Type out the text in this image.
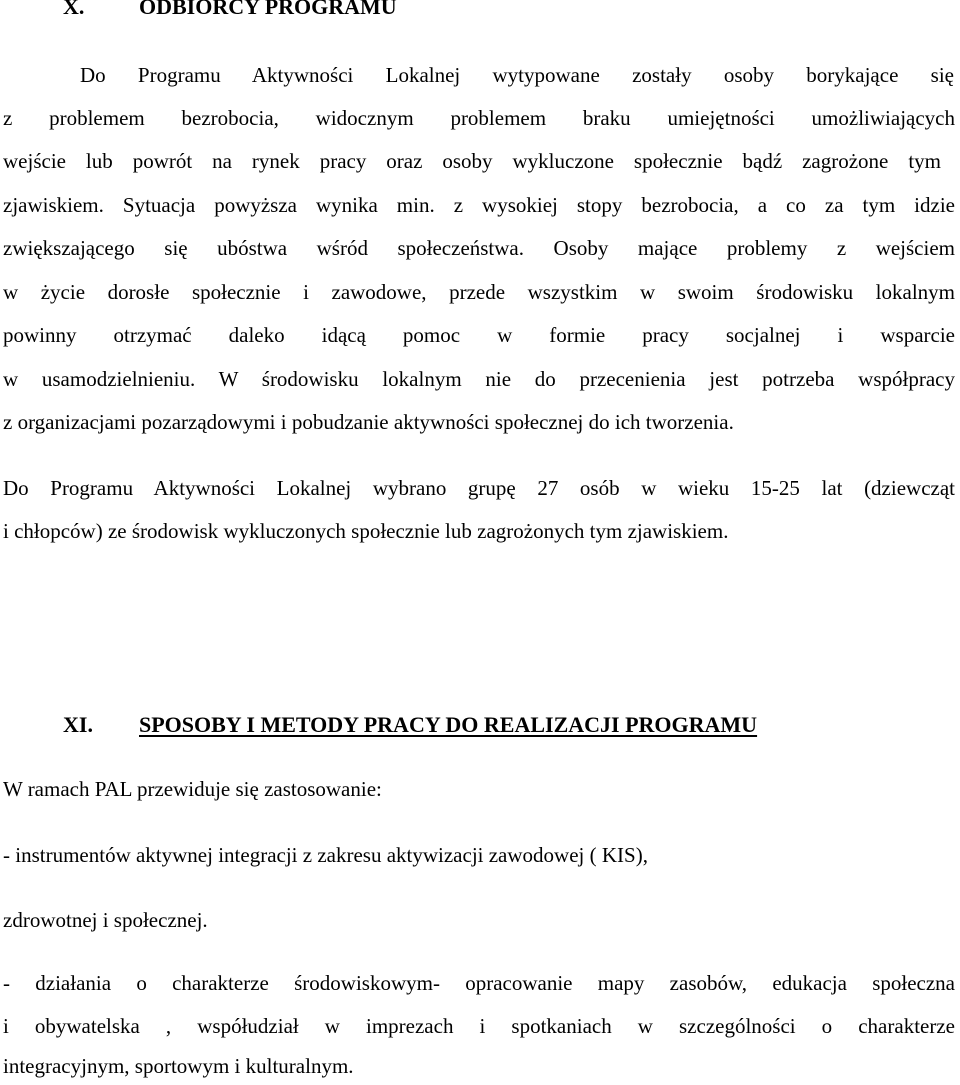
X. ODBIORCY PROGRAMU

Do Programu Aktywności Lokalnej wytypowane zostały osoby borykające się

z problemem bezrobocia, widocznym problemem braku umiejętności umożliwiających

wejście lub powrót na rynek pracy oraz osoby wykluczone społecznie bądź zagrożone tym

zjawiskiem. Sytuacja powyższa wynika min. z wysokiej stopy bezrobocia, a co za tym idzie

zwiększającego się ubóstwa wśród społeczeństwa. Osoby mające problemy z wejściem

w życie dorosłe społecznie i zawodowe, przede wszystkim w swoim środowisku lokalnym

powinny otrzymać daleko idącą pomoc w formie pracy socjalnej i wsparcie

w usamodzielnieniu. W środowisku lokalnym nie do przecenienia jest potrzeba współpracy

z organizacjami pozarządowymi i pobudzanie aktywności społecznej do ich tworzenia.

Do Programu Aktywności Lokalnej wybrano grupę 27 osób w wieku 15-25 lat (dziewcząt

i chłopców) ze środowisk wykluczonych społecznie lub zagrożonych tym zjawiskiem.

XI. SPOSOBY I METODY PRACY DO REALIZACJI PROGRAMU

W ramach PAL przewiduje się zastosowanie:

- instrumentów aktywnej integracji z zakresu aktywizacji zawodowej ( KIS),

zdrowotnej i społecznej.

- działania o charakterze środowiskowym- opracowanie mapy zasobów, edukacja społeczna

i obywatelska , współudział w imprezach i spotkaniach w szczególności o charakterze

integracyjnym, sportowym i kulturalnym.
